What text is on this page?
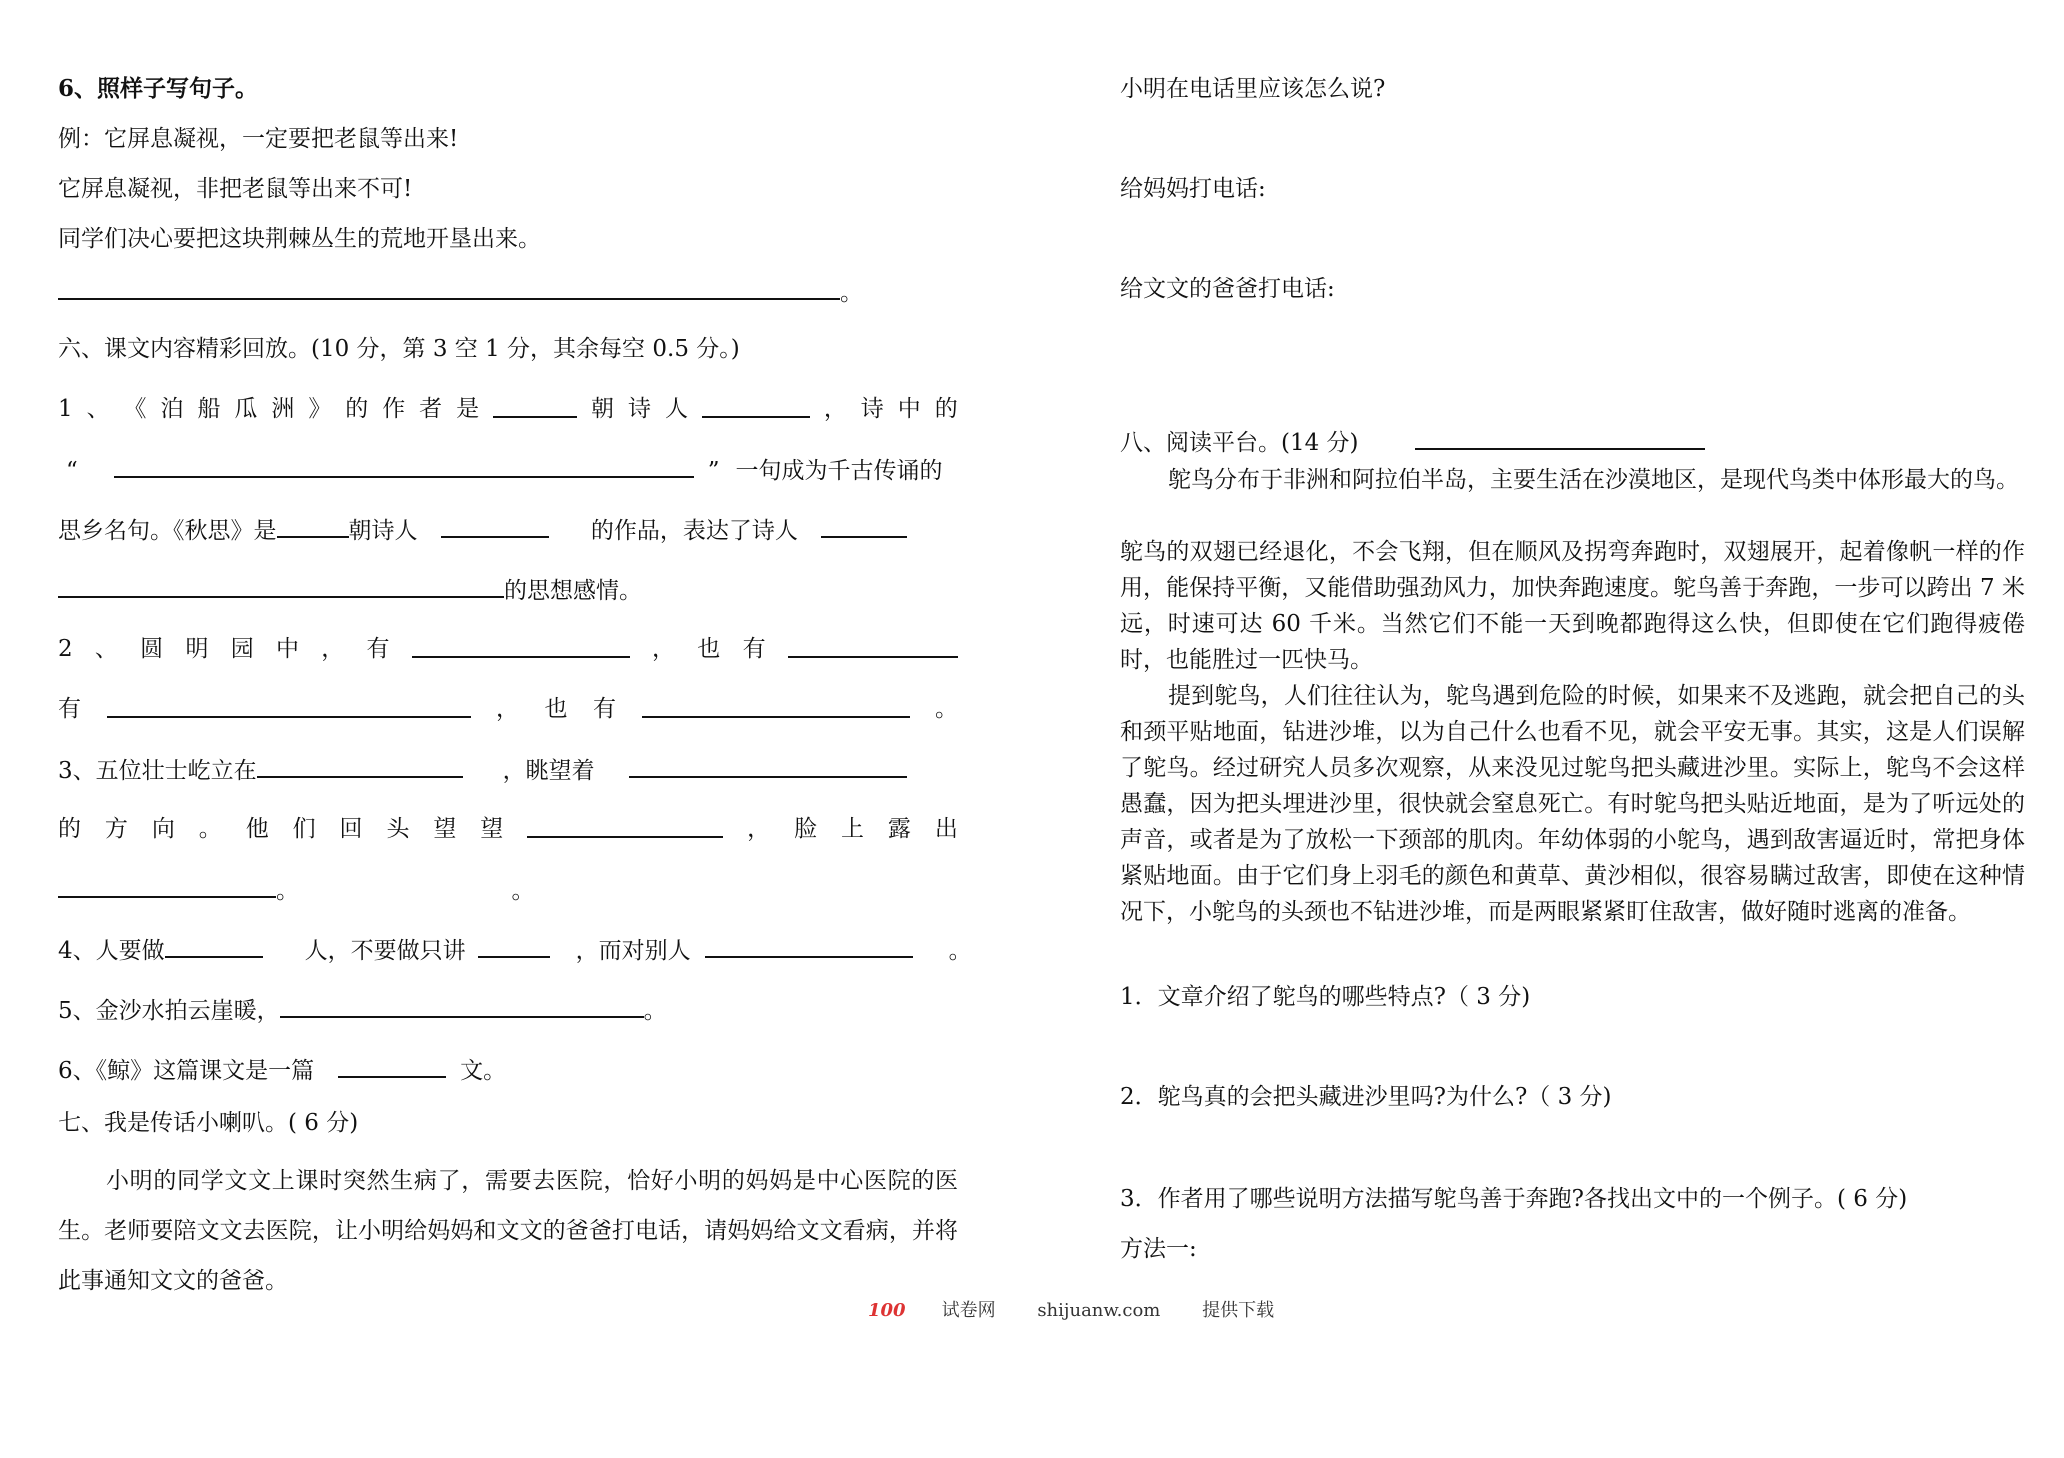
6、照样子写句子。
例：它屏息凝视，一定要把老鼠等出来!
它屏息凝视，非把老鼠等出来不可!
同学们决心要把这块荆棘丛生的荒地开垦出来。
。
六、课文内容精彩回放。(10 分，第 3 空 1 分，其余每空 0.5 分。)
1 、 《 泊 船 瓜 洲 》 的 作 者 是	朝 诗 人	， 诗 中 的
“	” 一句成为千古传诵的
思乡名句。《秋思》是	朝诗人	的作品，表达了诗人
的思想感情。
2 、 圆 明 园 中 ， 有	， 也 有
有	， 也 有	。
3、五位壮士屹立在	，眺望着
的 方 向 。 他 们 回 头 望 望	， 脸 上 露 出
。	。
4、人要做	人，不要做只讲	，而对别人	。
5、金沙水拍云崖暖，	。
6、《鲸》这篇课文是一篇	文。
七、我是传话小喇叭。( 6 分)
小明的同学文文上课时突然生病了，需要去医院，恰好小明的妈妈是中心医院的医生。老师要陪文文去医院，让小明给妈妈和文文的爸爸打电话，请妈妈给文文看病，并将此事通知文文的爸爸。
小明在电话里应该怎么说?
给妈妈打电话:
给文文的爸爸打电话:
八、阅读平台。(14 分)
鸵鸟分布于非洲和阿拉伯半岛，主要生活在沙漠地区，是现代鸟类中体形最大的鸟。
鸵鸟的双翅已经退化，不会飞翔，但在顺风及拐弯奔跑时，双翅展开，起着像帆一样的作用，能保持平衡，又能借助强劲风力，加快奔跑速度。鸵鸟善于奔跑，一步可以跨出 7 米远，时速可达 60 千米。当然它们不能一天到晚都跑得这么快，但即使在它们跑得疲倦时，也能胜过一匹快马。
提到鸵鸟，人们往往认为，鸵鸟遇到危险的时候，如果来不及逃跑，就会把自己的头和颈平贴地面，钻进沙堆，以为自己什么也看不见，就会平安无事。其实，这是人们误解了鸵鸟。经过研究人员多次观察，从来没见过鸵鸟把头藏进沙里。实际上，鸵鸟不会这样愚蠢，因为把头埋进沙里，很快就会窒息死亡。有时鸵鸟把头贴近地面，是为了听远处的声音，或者是为了放松一下颈部的肌肉。年幼体弱的小鸵鸟，遇到敌害逼近时，常把身体紧贴地面。由于它们身上羽毛的颜色和黄草、黄沙相似，很容易瞒过敌害，即使在这种情况下，小鸵鸟的头颈也不钻进沙堆，而是两眼紧紧盯住敌害，做好随时逃离的准备。
1．文章介绍了鸵鸟的哪些特点?（ 3 分)
2．鸵鸟真的会把头藏进沙里吗?为什么?（ 3 分)
3．作者用了哪些说明方法描写鸵鸟善于奔跑?各找出文中的一个例子。( 6 分)
方法一:
100 试卷网 shijuanw.com 提供下载
